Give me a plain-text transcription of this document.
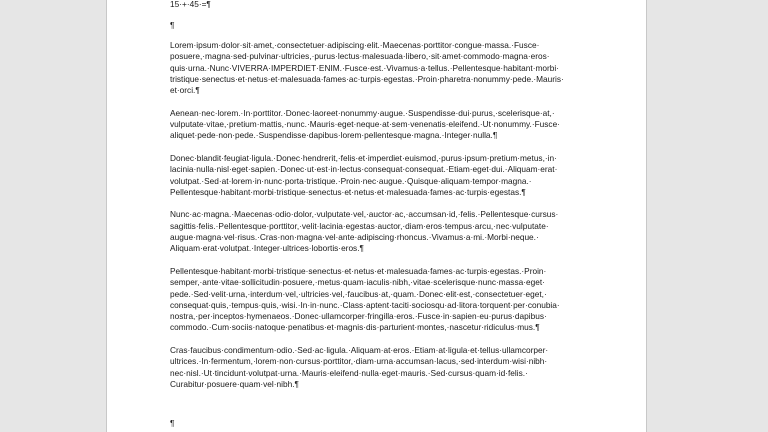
15·+·45·=¶
¶
Lorem·ipsum·dolor·sit·amet,·consectetuer·adipiscing·elit.·Maecenas·porttitor·congue·massa.·Fusce·
posuere,·magna·sed·pulvinar·ultricies,·purus·lectus·malesuada·libero,·sit·amet·commodo·magna·eros·
quis·urna.·Nunc·VIVERRA·IMPERDIET·ENIM.·Fusce·est.·Vivamus·a·tellus.·Pellentesque·habitant·morbi·
tristique·senectus·et·netus·et·malesuada·fames·ac·turpis·egestas.·Proin·pharetra·nonummy·pede.·Mauris·
et·orci.¶
Aenean·nec·lorem.·In·porttitor.·Donec·laoreet·nonummy·augue.·Suspendisse·dui·purus,·scelerisque·at,·
vulputate·vitae,·pretium·mattis,·nunc.·Mauris·eget·neque·at·sem·venenatis·eleifend.·Ut·nonummy.·Fusce·
aliquet·pede·non·pede.·Suspendisse·dapibus·lorem·pellentesque·magna.·Integer·nulla.¶
Donec·blandit·feugiat·ligula.·Donec·hendrerit,·felis·et·imperdiet·euismod,·purus·ipsum·pretium·metus,·in·
lacinia·nulla·nisl·eget·sapien.·Donec·ut·est·in·lectus·consequat·consequat.·Etiam·eget·dui.·Aliquam·erat·
volutpat.·Sed·at·lorem·in·nunc·porta·tristique.·Proin·nec·augue.·Quisque·aliquam·tempor·magna.·
Pellentesque·habitant·morbi·tristique·senectus·et·netus·et·malesuada·fames·ac·turpis·egestas.¶
Nunc·ac·magna.·Maecenas·odio·dolor,·vulputate·vel,·auctor·ac,·accumsan·id,·felis.·Pellentesque·cursus·
sagittis·felis.·Pellentesque·porttitor,·velit·lacinia·egestas·auctor,·diam·eros·tempus·arcu,·nec·vulputate·
augue·magna·vel·risus.·Cras·non·magna·vel·ante·adipiscing·rhoncus.·Vivamus·a·mi.·Morbi·neque.·
Aliquam·erat·volutpat.·Integer·ultrices·lobortis·eros.¶
Pellentesque·habitant·morbi·tristique·senectus·et·netus·et·malesuada·fames·ac·turpis·egestas.·Proin·
semper,·ante·vitae·sollicitudin·posuere,·metus·quam·iaculis·nibh,·vitae·scelerisque·nunc·massa·eget·
pede.·Sed·velit·urna,·interdum·vel,·ultricies·vel,·faucibus·at,·quam.·Donec·elit·est,·consectetuer·eget,·
consequat·quis,·tempus·quis,·wisi.·In·in·nunc.·Class·aptent·taciti·sociosqu·ad·litora·torquent·per·conubia·
nostra,·per·inceptos·hymenaeos.·Donec·ullamcorper·fringilla·eros.·Fusce·in·sapien·eu·purus·dapibus·
commodo.·Cum·sociis·natoque·penatibus·et·magnis·dis·parturient·montes,·nascetur·ridiculus·mus.¶
Cras·faucibus·condimentum·odio.·Sed·ac·ligula.·Aliquam·at·eros.·Etiam·at·ligula·et·tellus·ullamcorper·
ultrices.·In·fermentum,·lorem·non·cursus·porttitor,·diam·urna·accumsan·lacus,·sed·interdum·wisi·nibh·
nec·nisl.·Ut·tincidunt·volutpat·urna.·Mauris·eleifend·nulla·eget·mauris.·Sed·cursus·quam·id·felis.·
Curabitur·posuere·quam·vel·nibh.¶
¶
